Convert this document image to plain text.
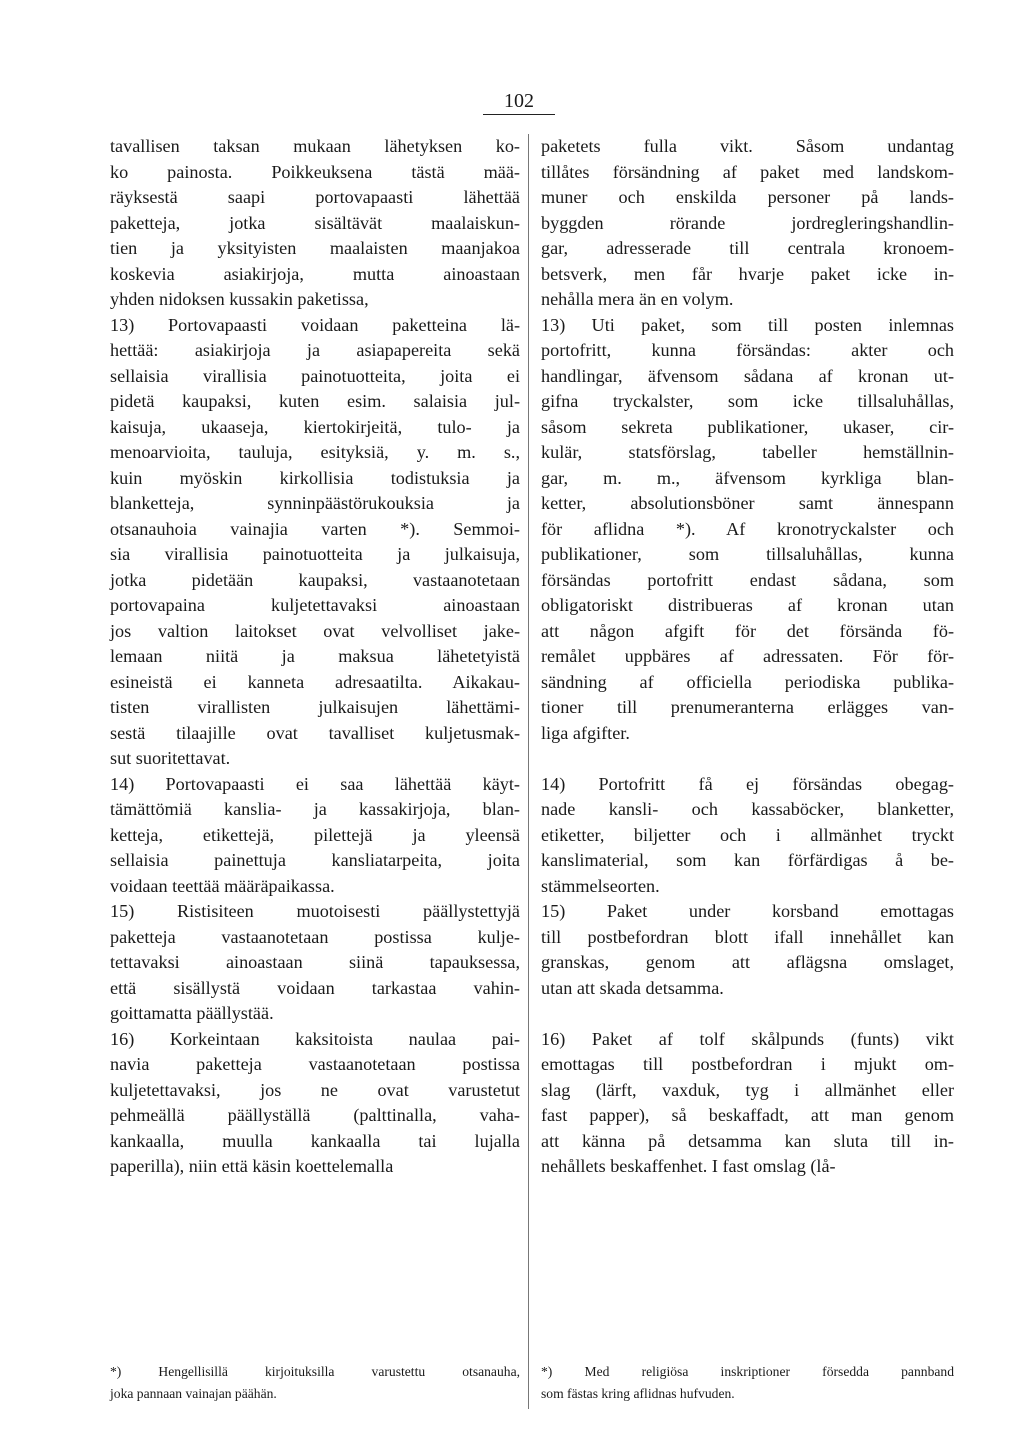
102
tavallisen taksan mukaan lähetyksen ko-
ko painosta. Poikkeuksena tästä mää-
räyksestä saapi portovapaasti lähettää
paketteja, jotka sisältävät maalaiskun-
tien ja yksityisten maalaisten maanjakoa
koskevia asiakirjoja, mutta ainoastaan
yhden nidoksen kussakin paketissa,
13) Portovapaasti voidaan paketteina lä-
hettää: asiakirjoja ja asiapapereita sekä
sellaisia virallisia painotuotteita, joita ei
pidetä kaupaksi, kuten esim. salaisia jul-
kaisuja, ukaaseja, kiertokirjeitä, tulo- ja
menoarvioita, tauluja, esityksiä, y. m. s.,
kuin myöskin kirkollisia todistuksia ja
blanketteja, synninpäästörukouksia ja
otsanauhoia vainajia varten *). Semmoi-
sia virallisia painotuotteita ja julkaisuja,
jotka pidetään kaupaksi, vastaanotetaan
portovapaina kuljetettavaksi ainoastaan
jos valtion laitokset ovat velvolliset jake-
lemaan niitä ja maksua lähetetyistä
esineistä ei kanneta adresaatilta. Aikakau-
tisten virallisten julkaisujen lähettämi-
sestä tilaajille ovat tavalliset kuljetusmak-
sut suoritettavat.
14) Portovapaasti ei saa lähettää käyt-
tämättömiä kanslia- ja kassakirjoja, blan-
ketteja, etikettejä, pilettejä ja yleensä
sellaisia painettuja kansliatarpeita, joita
voidaan teettää määräpaikassa.
15) Ristisiteen muotoisesti päällystettyjä
paketteja vastaanotetaan postissa kulje-
tettavaksi ainoastaan siinä tapauksessa,
että sisällystä voidaan tarkastaa vahin-
goittamatta päällystää.
16) Korkeintaan kaksitoista naulaa pai-
navia paketteja vastaanotetaan postissa
kuljetettavaksi, jos ne ovat varustetut
pehmeällä päällyställä (palttinalla, vaha-
kankaalla, muulla kankaalla tai lujalla
paperilla), niin että käsin koettelemalla
paketets fulla vikt. Såsom undantag
tillåtes försändning af paket med landskom-
muner och enskilda personer på lands-
byggden rörande jordregleringshandlin-
gar, adresserade till centrala kronoem-
betsverk, men får hvarje paket icke in-
nehålla mera än en volym.
13) Uti paket, som till posten inlemnas
portofritt, kunna försändas: akter och
handlingar, äfvensom sådana af kronan ut-
gifna tryckalster, som icke tillsaluhållas,
såsom sekreta publikationer, ukaser, cir-
kulär, statsförslag, tabeller hemställnin-
gar, m. m., äfvensom kyrkliga blan-
ketter, absolutionsböner samt ännespann
för aflidna *). Af kronotryckalster och
publikationer, som tillsaluhållas, kunna
försändas portofritt endast sådana, som
obligatoriskt distribueras af kronan utan
att någon afgift för det försända fö-
remålet uppbäres af adressaten. För för-
sändning af officiella periodiska publika-
tioner till prenumeranterna erlägges van-
liga afgifter.
14) Portofritt få ej försändas obegag-
nade kansli- och kassaböcker, blanketter,
etiketter, biljetter och i allmänhet tryckt
kanslimaterial, som kan förfärdigas å be-
stämmelseorten.
15) Paket under korsband emottagas
till postbefordran blott ifall innehållet kan
granskas, genom att aflägsna omslaget,
utan att skada detsamma.
16) Paket af tolf skålpunds (funts) vikt
emottagas till postbefordran i mjukt om-
slag (lärft, vaxduk, tyg i allmänhet eller
fast papper), så beskaffadt, att man genom
att känna på detsamma kan sluta till in-
nehållets beskaffenhet. I fast omslag (lå-
*) Hengellisillä kirjoituksilla varustettu otsanauha,
joka pannaan vainajan päähän.
*) Med religiösa inskriptioner försedda pannband
som fästas kring aflidnas hufvuden.
